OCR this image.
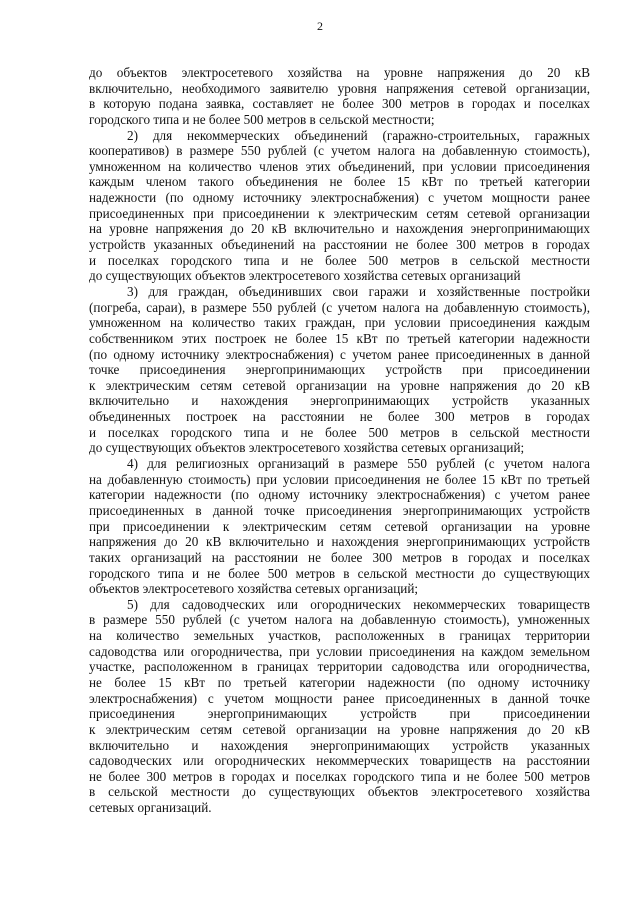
2
до объектов электросетевого хозяйства на уровне напряжения до 20 кВ
включительно, необходимого заявителю уровня напряжения сетевой организации,
в которую подана заявка, составляет не более 300 метров в городах и поселках
городского типа и не более 500 метров в сельской местности;
2) для некоммерческих объединений (гаражно-строительных, гаражных
кооперативов) в размере 550 рублей (с учетом налога на добавленную стоимость),
умноженном на количество членов этих объединений, при условии присоединения
каждым членом такого объединения не более 15 кВт по третьей категории
надежности (по одному источнику электроснабжения) с учетом мощности ранее
присоединенных при присоединении к электрическим сетям сетевой организации
на уровне напряжения до 20 кВ включительно и нахождения энергопринимающих
устройств указанных объединений на расстоянии не более 300 метров в городах
и поселках городского типа и не более 500 метров в сельской местности
до существующих объектов электросетевого хозяйства сетевых организаций
3) для граждан, объединивших свои гаражи и хозяйственные постройки
(погреба, сараи), в размере 550 рублей (с учетом налога на добавленную стоимость),
умноженном на количество таких граждан, при условии присоединения каждым
собственником этих построек не более 15 кВт по третьей категории надежности
(по одному источнику электроснабжения) с учетом ранее присоединенных в данной
точке присоединения энергопринимающих устройств при присоединении
к электрическим сетям сетевой организации на уровне напряжения до 20 кВ
включительно и нахождения энергопринимающих устройств указанных
объединенных построек на расстоянии не более 300 метров в городах
и поселках городского типа и не более 500 метров в сельской местности
до существующих объектов электросетевого хозяйства сетевых организаций;
4) для религиозных организаций в размере 550 рублей (с учетом налога
на добавленную стоимость) при условии присоединения не более 15 кВт по третьей
категории надежности (по одному источнику электроснабжения) с учетом ранее
присоединенных в данной точке присоединения энергопринимающих устройств
при присоединении к электрическим сетям сетевой организации на уровне
напряжения до 20 кВ включительно и нахождения энергопринимающих устройств
таких организаций на расстоянии не более 300 метров в городах и поселках
городского типа и не более 500 метров в сельской местности до существующих
объектов электросетевого хозяйства сетевых организаций;
5) для садоводческих или огороднических некоммерческих товариществ
в размере 550 рублей (с учетом налога на добавленную стоимость), умноженных
на количество земельных участков, расположенных в границах территории
садоводства или огородничества, при условии присоединения на каждом земельном
участке, расположенном в границах территории садоводства или огородничества,
не более 15 кВт по третьей категории надежности (по одному источнику
электроснабжения) с учетом мощности ранее присоединенных в данной точке
присоединения энергопринимающих устройств при присоединении
к электрическим сетям сетевой организации на уровне напряжения до 20 кВ
включительно и нахождения энергопринимающих устройств указанных
садоводческих или огороднических некоммерческих товариществ на расстоянии
не более 300 метров в городах и поселках городского типа и не более 500 метров
в сельской местности до существующих объектов электросетевого хозяйства
сетевых организаций.
